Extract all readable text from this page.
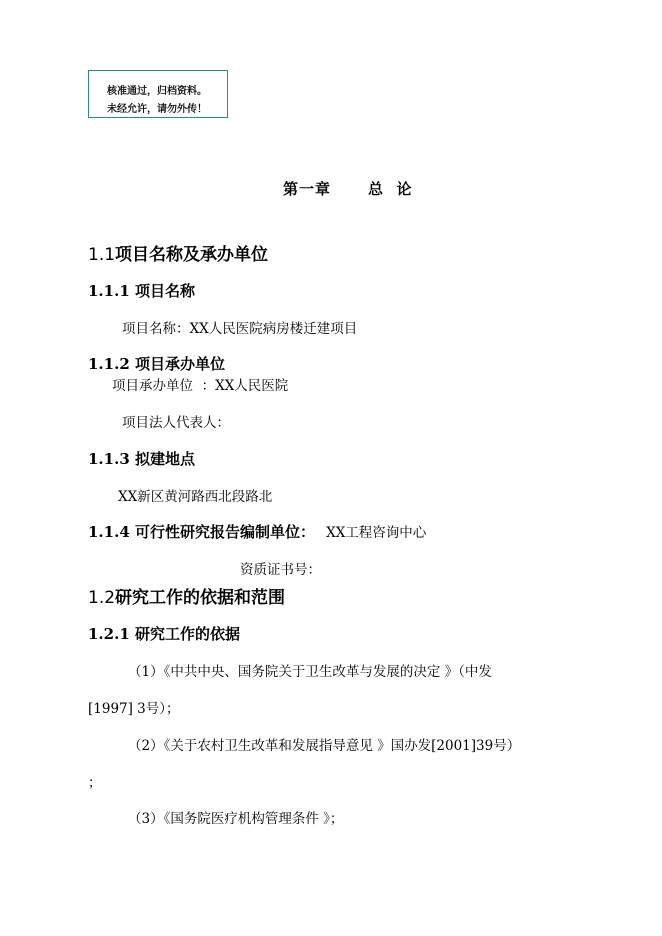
核准通过，归档资料。
未经允许，请勿外传！
第一章 总  论
1.1项目名称及承办单位
1.1.1 项目名称
项目名称：XX人民医院病房楼迁建项目
1.1.2 项目承办单位
项目承办单位  ：XX人民医院
项目法人代表人：
1.1.3 拟建地点
XX新区黄河路西北段路北
1.1.4 可行性研究报告编制单位： XX工程咨询中心
资质证书号：
1.2研究工作的依据和范围
1.2.1 研究工作的依据
（1）《中共中央、国务院关于卫生改革与发展的决定 》（中发
[1997] 3号）；
（2）《关于农村卫生改革和发展指导意见 》国办发[2001]39号）
；
（3）《国务院医疗机构管理条件 》；
